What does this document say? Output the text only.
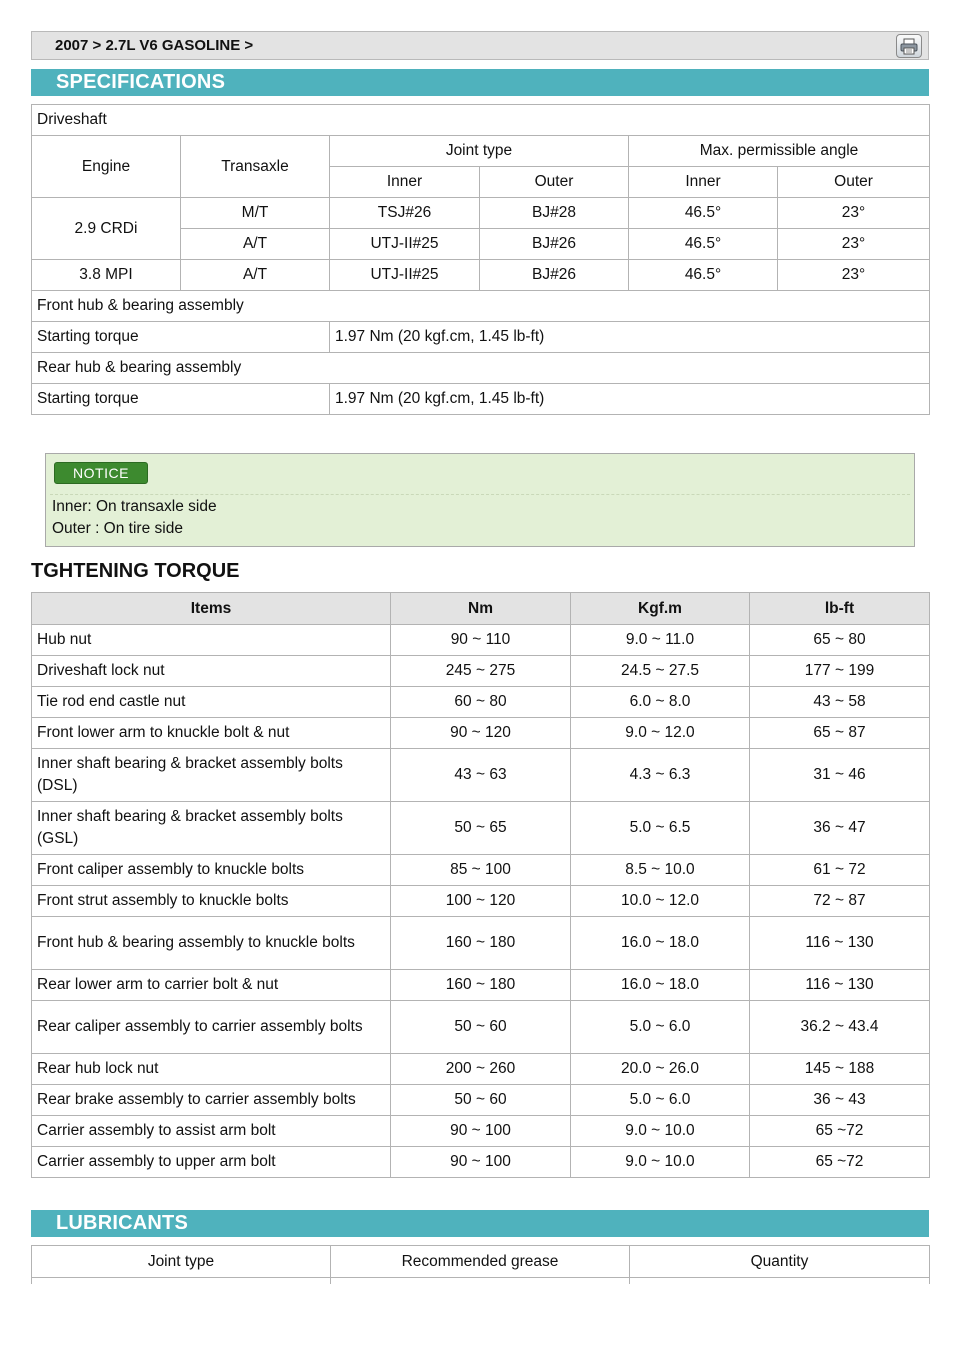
2007 > 2.7L V6 GASOLINE >
SPECIFICATIONS
Driveshaft					
Engine	Transaxle	Joint type		Max. permissible angle	
		Inner	Outer	Inner	Outer
2.9 CRDi	M/T	TSJ#26	BJ#28	46.5°	23°
	A/T	UTJ-II#25	BJ#26	46.5°	23°
3.8 MPI	A/T	UTJ-II#25	BJ#26	46.5°	23°
Front hub & bearing assembly					
Starting torque		1.97 Nm (20 kgf.cm, 1.45 lb-ft)			
Rear hub & bearing assembly					
Starting torque		1.97 Nm (20 kgf.cm, 1.45 lb-ft)			
NOTICE
Inner: On transaxle side
Outer : On tire side
TGHTENING TORQUE
Items	Nm	Kgf.m	lb-ft
Hub nut	90 ~ 110	9.0 ~ 11.0	65 ~ 80
Driveshaft lock nut	245 ~ 275	24.5 ~ 27.5	177 ~ 199
Tie rod end castle nut	60 ~ 80	6.0 ~ 8.0	43 ~ 58
Front lower arm to knuckle bolt & nut	90 ~ 120	9.0 ~ 12.0	65 ~ 87
Inner shaft bearing & bracket assembly bolts (DSL)	43 ~ 63	4.3 ~ 6.3	31 ~ 46
Inner shaft bearing & bracket assembly bolts (GSL)	50 ~ 65	5.0 ~ 6.5	36 ~ 47
Front caliper assembly to knuckle bolts	85 ~ 100	8.5 ~ 10.0	61 ~ 72
Front strut assembly to knuckle bolts	100 ~ 120	10.0 ~ 12.0	72 ~ 87
Front hub & bearing assembly to knuckle bolts	160 ~ 180	16.0 ~ 18.0	116 ~ 130
Rear lower arm to carrier bolt & nut	160 ~ 180	16.0 ~ 18.0	116 ~ 130
Rear caliper assembly to carrier assembly bolts	50 ~ 60	5.0 ~ 6.0	36.2 ~ 43.4
Rear hub lock nut	200 ~ 260	20.0 ~ 26.0	145 ~ 188
Rear brake assembly to carrier assembly bolts	50 ~ 60	5.0 ~ 6.0	36 ~ 43
Carrier assembly to assist arm bolt	90 ~ 100	9.0 ~ 10.0	65 ~72
Carrier assembly to upper arm bolt	90 ~ 100	9.0 ~ 10.0	65 ~72
LUBRICANTS
Joint type	Recommended grease	Quantity
